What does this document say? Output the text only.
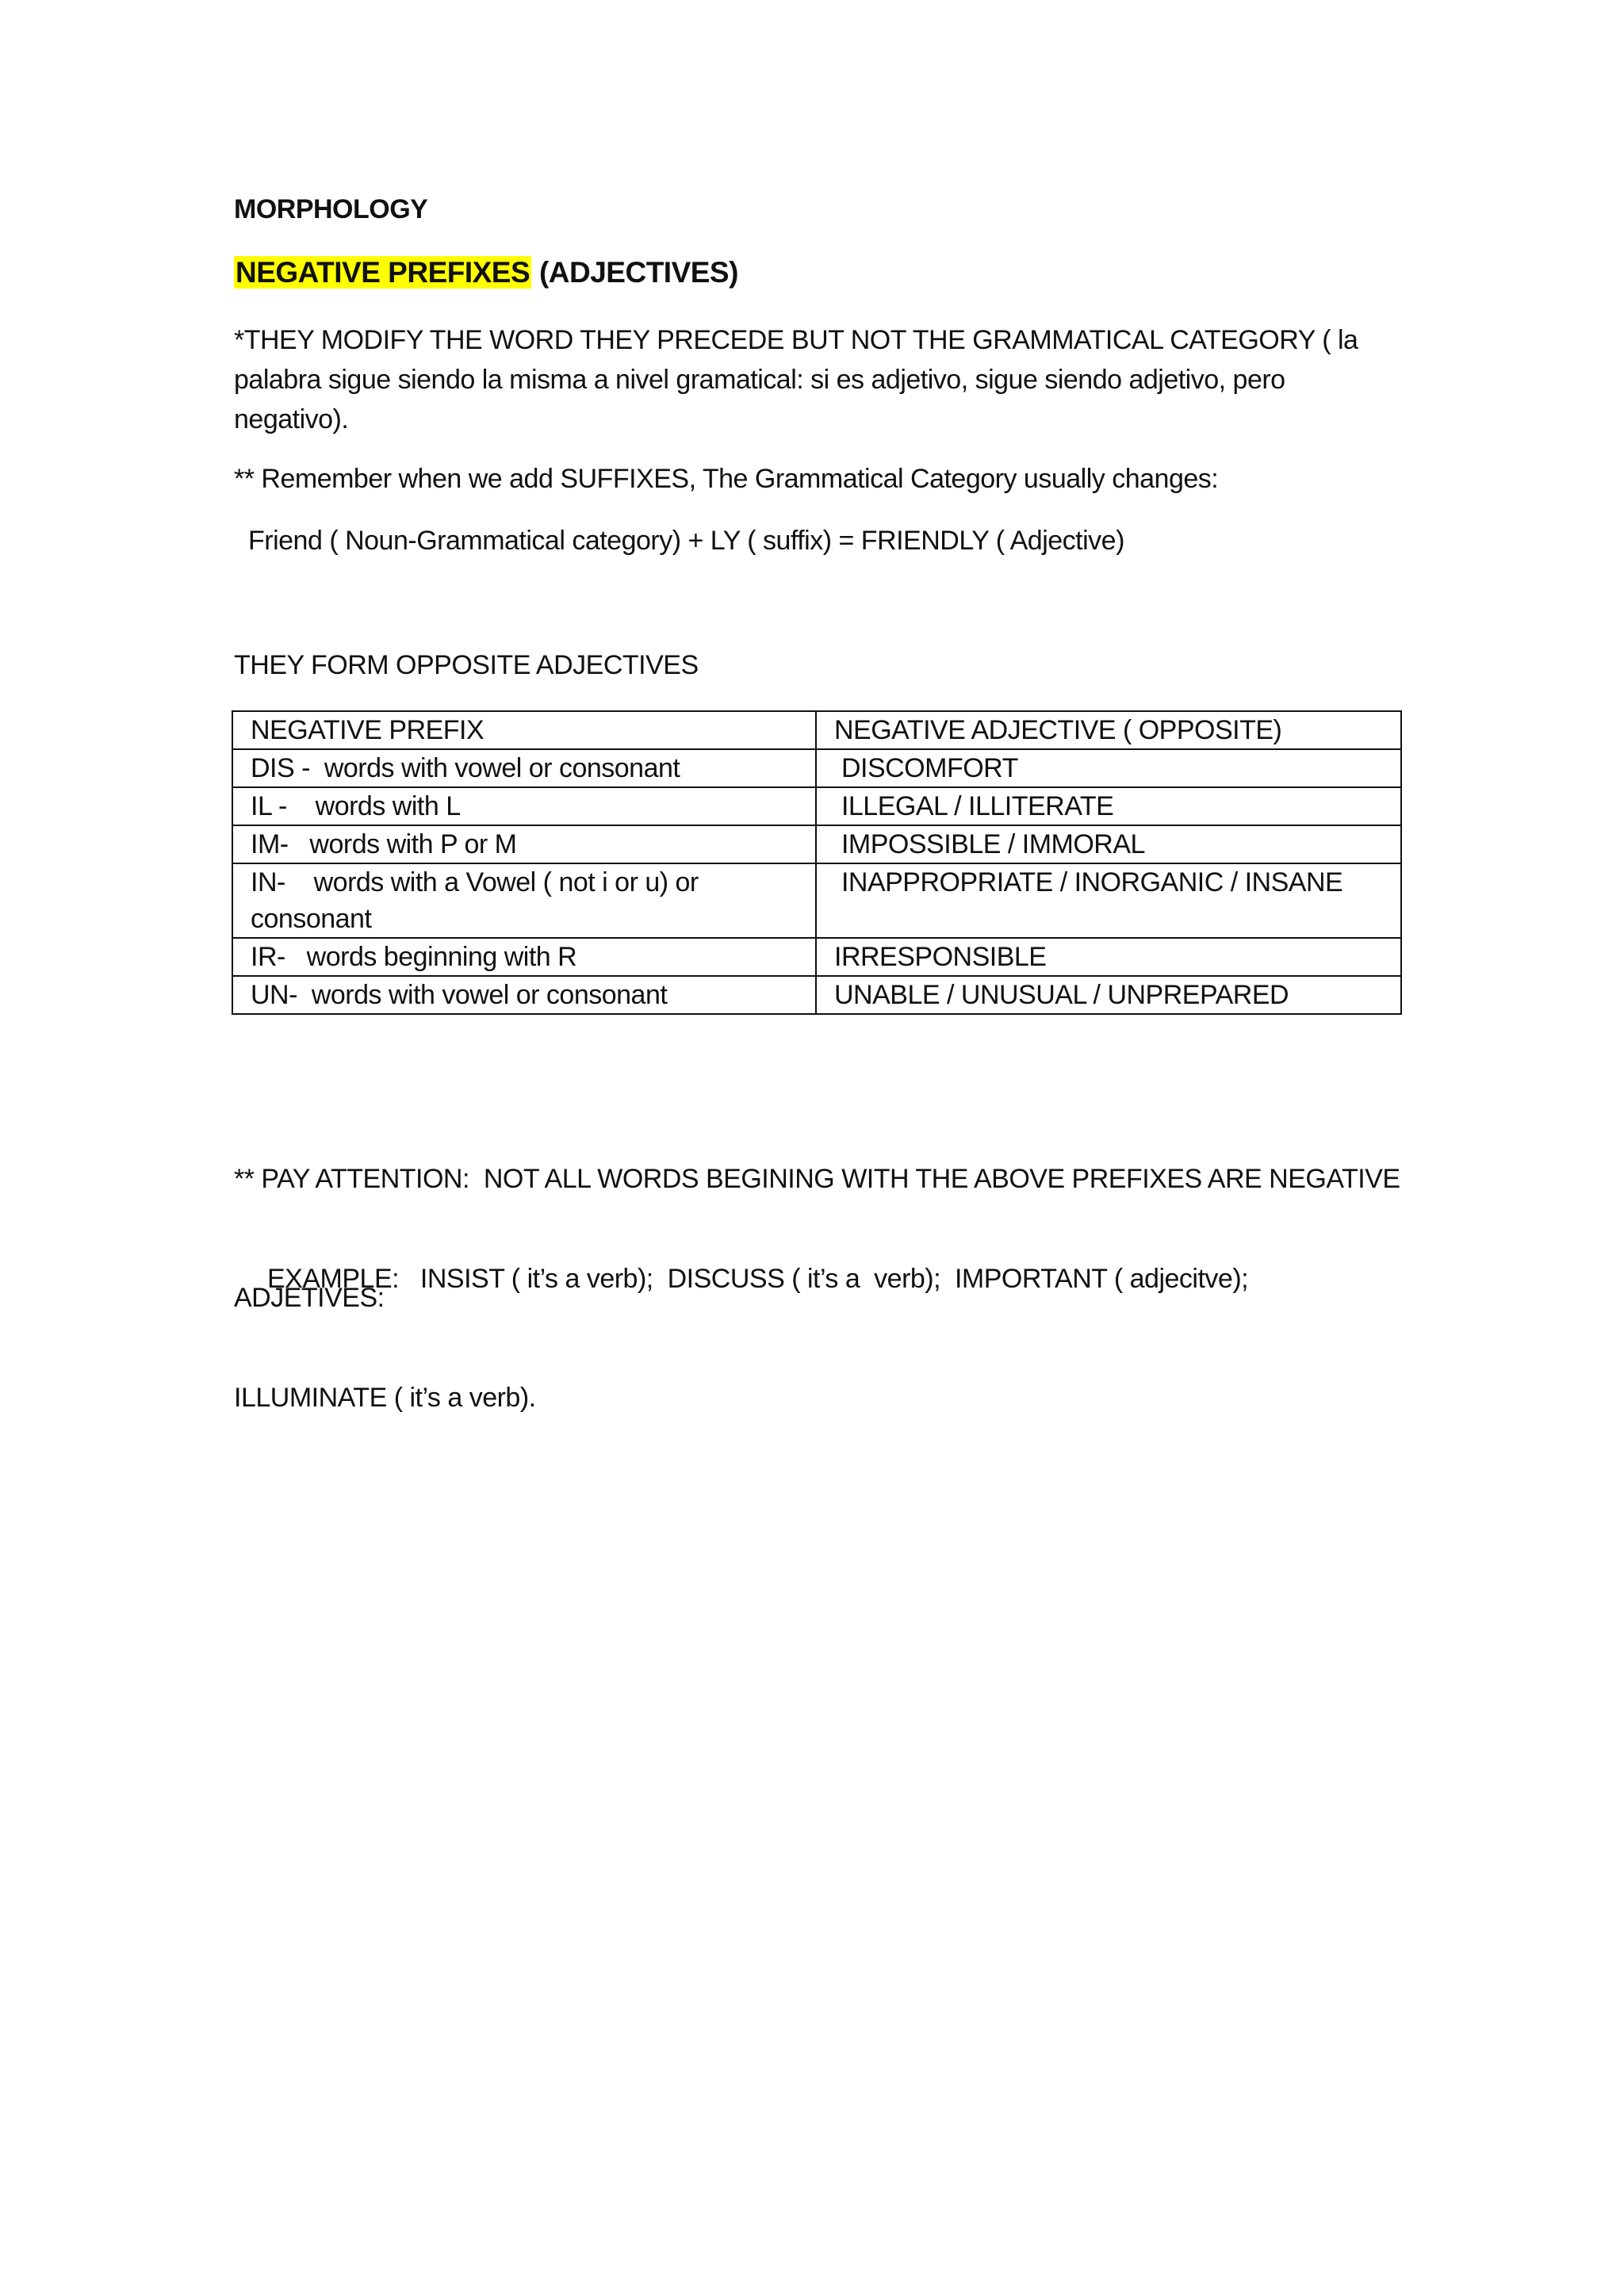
MORPHOLOGY
NEGATIVE PREFIXES (ADJECTIVES)
*THEY MODIFY THE WORD THEY PRECEDE BUT NOT THE GRAMMATICAL CATEGORY ( la
palabra sigue siendo la misma a nivel gramatical: si es adjetivo, sigue siendo adjetivo, pero
negativo).
** Remember when we add SUFFIXES, The Grammatical Category usually changes:
Friend ( Noun-Grammatical category) + LY ( suffix) = FRIENDLY ( Adjective)
THEY FORM OPPOSITE ADJECTIVES
NEGATIVE PREFIX	NEGATIVE ADJECTIVE ( OPPOSITE)
DIS -  words with vowel or consonant	DISCOMFORT
IL -    words with L	ILLEGAL / ILLITERATE
IM-   words with P or M	IMPOSSIBLE / IMMORAL
IN-    words with a Vowel ( not i or u) or
consonant	INAPPROPRIATE / INORGANIC / INSANE
IR-   words beginning with R	IRRESPONSIBLE
UN-  words with vowel or consonant	UNABLE / UNUSUAL / UNPREPARED

** PAY ATTENTION:  NOT ALL WORDS BEGINING WITH THE ABOVE PREFIXES ARE NEGATIVE

ADJETIVES:

EXAMPLE:   INSIST ( it’s a verb);  DISCUSS ( it’s a  verb);  IMPORTANT ( adjecitve);

ILLUMINATE ( it’s a verb).
